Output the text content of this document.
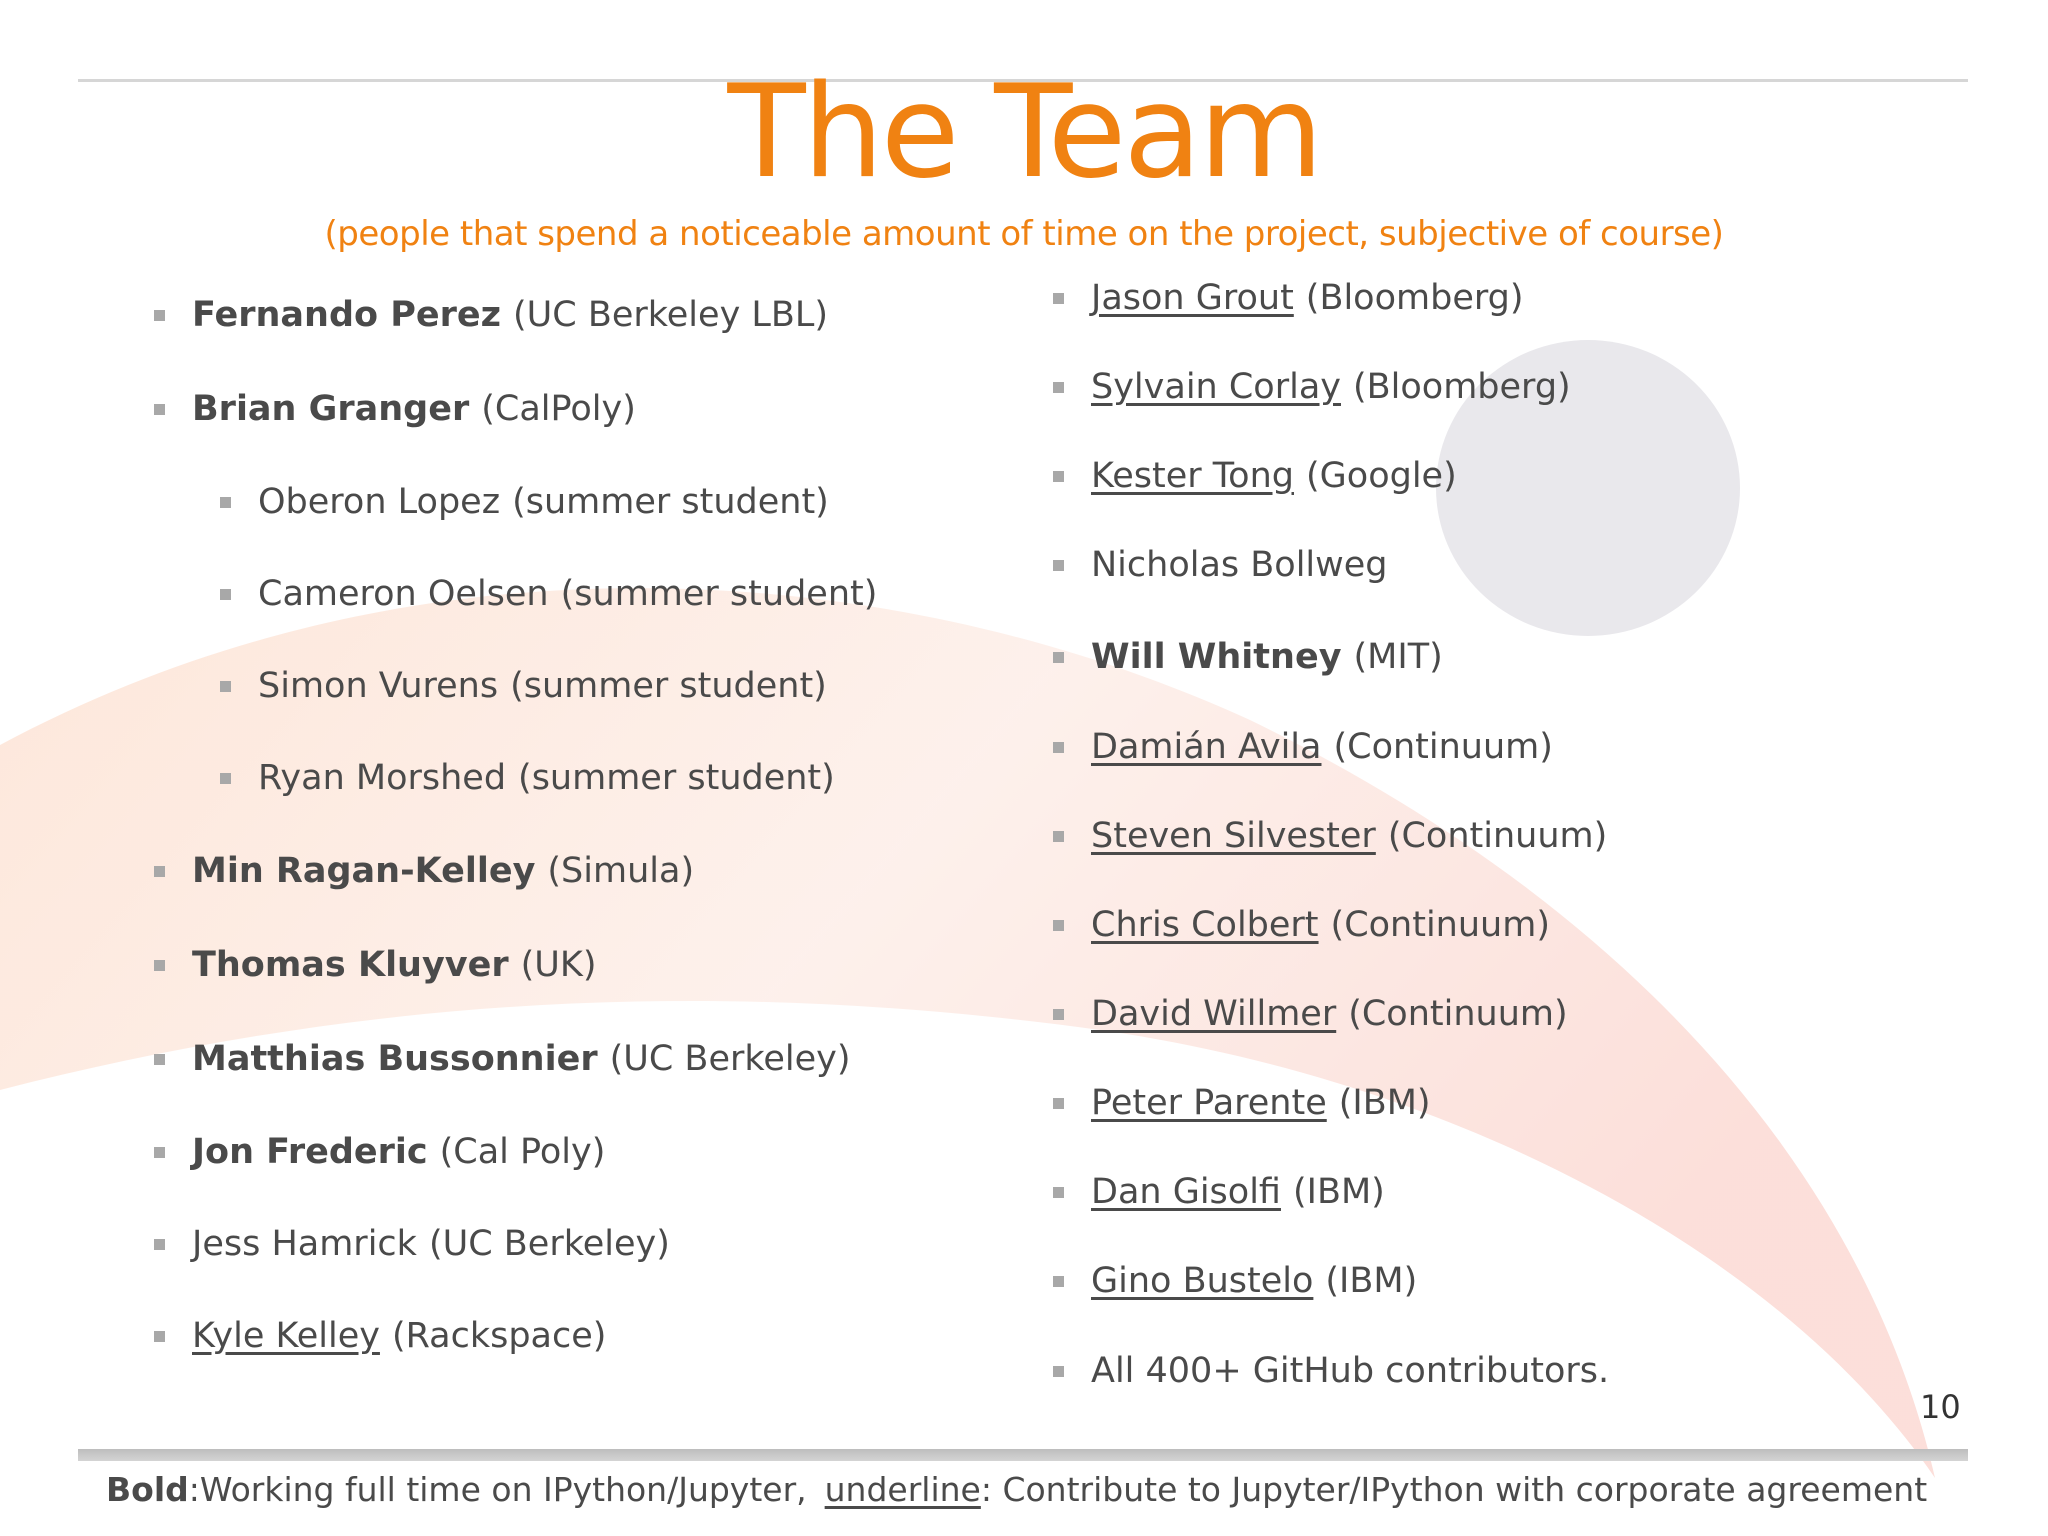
The Team
(people that spend a noticeable amount of time on the project, subjective of course)
Fernando Perez (UC Berkeley LBL)
Brian Granger (CalPoly)
Oberon Lopez (summer student)
Cameron Oelsen (summer student)
Simon Vurens (summer student)
Ryan Morshed (summer student)
Min Ragan-Kelley (Simula)
Thomas Kluyver (UK)
Matthias Bussonnier (UC Berkeley)
Jon Frederic (Cal Poly)
Jess Hamrick (UC Berkeley)
Kyle Kelley (Rackspace)
Jason Grout (Bloomberg)
Sylvain Corlay (Bloomberg)
Kester Tong (Google)
Nicholas Bollweg
Will Whitney (MIT)
Damián Avila (Continuum)
Steven Silvester (Continuum)
Chris Colbert (Continuum)
David Willmer (Continuum)
Peter Parente (IBM)
Dan Gisolfi (IBM)
Gino Bustelo (IBM)
All 400+ GitHub contributors.
10
Bold:Working full time on IPython/Jupyter, underline: Contribute to Jupyter/IPython with corporate agreement
